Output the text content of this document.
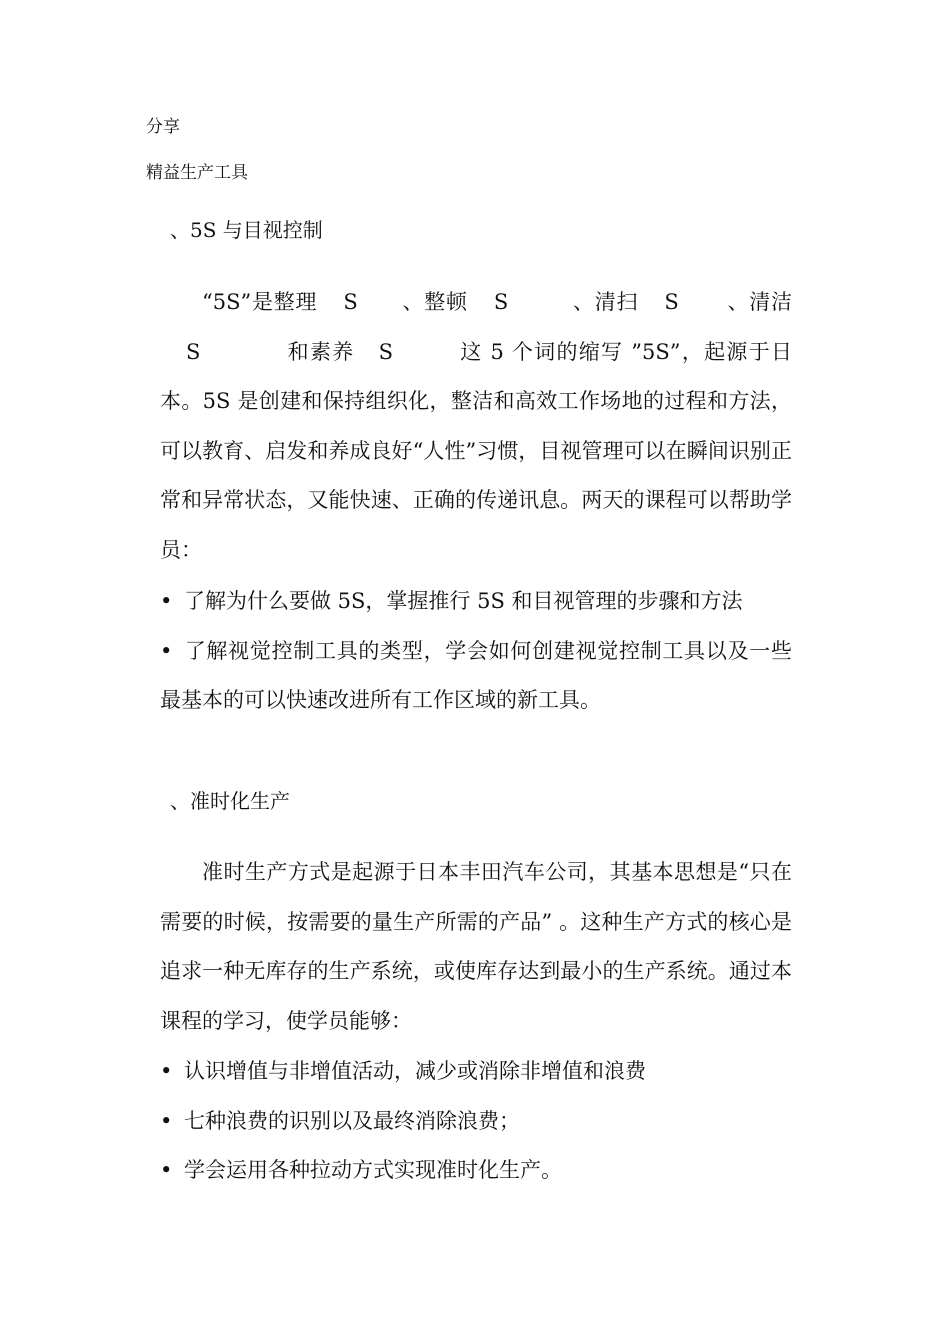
分享
精益生产工具
、5S 与目视控制
“5S”是整理 S 、整顿 S	、清扫 S 、清洁S	和素养 S	这 5 个词的缩写 ”5S”，起源于日本。5S 是创建和保持组织化，整洁和高效工作场地的过程和方法，可以教育、启发和养成良好“人性”习惯，目视管理可以在瞬间识别正常和异常状态，又能快速、正确的传递讯息。两天的课程可以帮助学员：
• 了解为什么要做 5S，掌握推行 5S 和目视管理的步骤和方法
• 了解视觉控制工具的类型，学会如何创建视觉控制工具以及一些最基本的可以快速改进所有工作区域的新工具。
、准时化生产
准时生产方式是起源于日本丰田汽车公司，其基本思想是“只在需要的时候，按需要的量生产所需的产品” 。这种生产方式的核心是追求一种无库存的生产系统，或使库存达到最小的生产系统。通过本课程的学习，使学员能够：
• 认识增值与非增值活动，减少或消除非增值和浪费
• 七种浪费的识别以及最终消除浪费；
• 学会运用各种拉动方式实现准时化生产。
